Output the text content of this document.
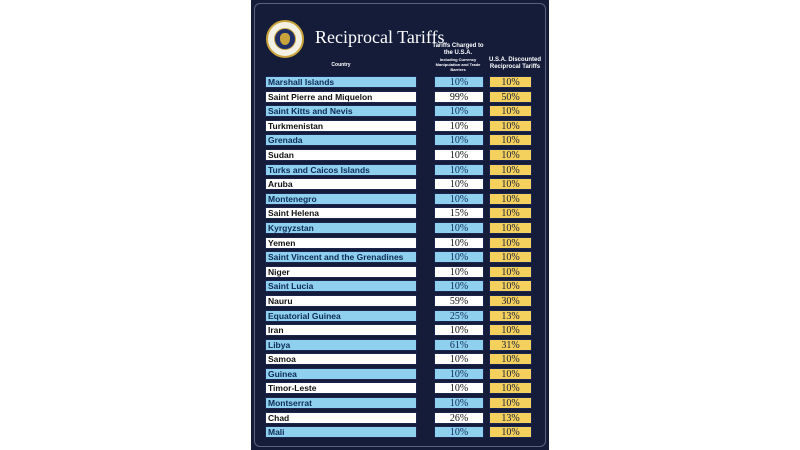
Reciprocal Tariffs
Tariffs Charged to the U.S.A.
Including Currency Manipulation and Trade Barriers
U.S.A. Discounted Reciprocal Tariffs
Country
Marshall Islands	10%	10%
Saint Pierre and Miquelon	99%	50%
Saint Kitts and Nevis	10%	10%
Turkmenistan	10%	10%
Grenada	10%	10%
Sudan	10%	10%
Turks and Caicos Islands	10%	10%
Aruba	10%	10%
Montenegro	10%	10%
Saint Helena	15%	10%
Kyrgyzstan	10%	10%
Yemen	10%	10%
Saint Vincent and the Grenadines	10%	10%
Niger	10%	10%
Saint Lucia	10%	10%
Nauru	59%	30%
Equatorial Guinea	25%	13%
Iran	10%	10%
Libya	61%	31%
Samoa	10%	10%
Guinea	10%	10%
Timor-Leste	10%	10%
Montserrat	10%	10%
Chad	26%	13%
Mali	10%	10%
